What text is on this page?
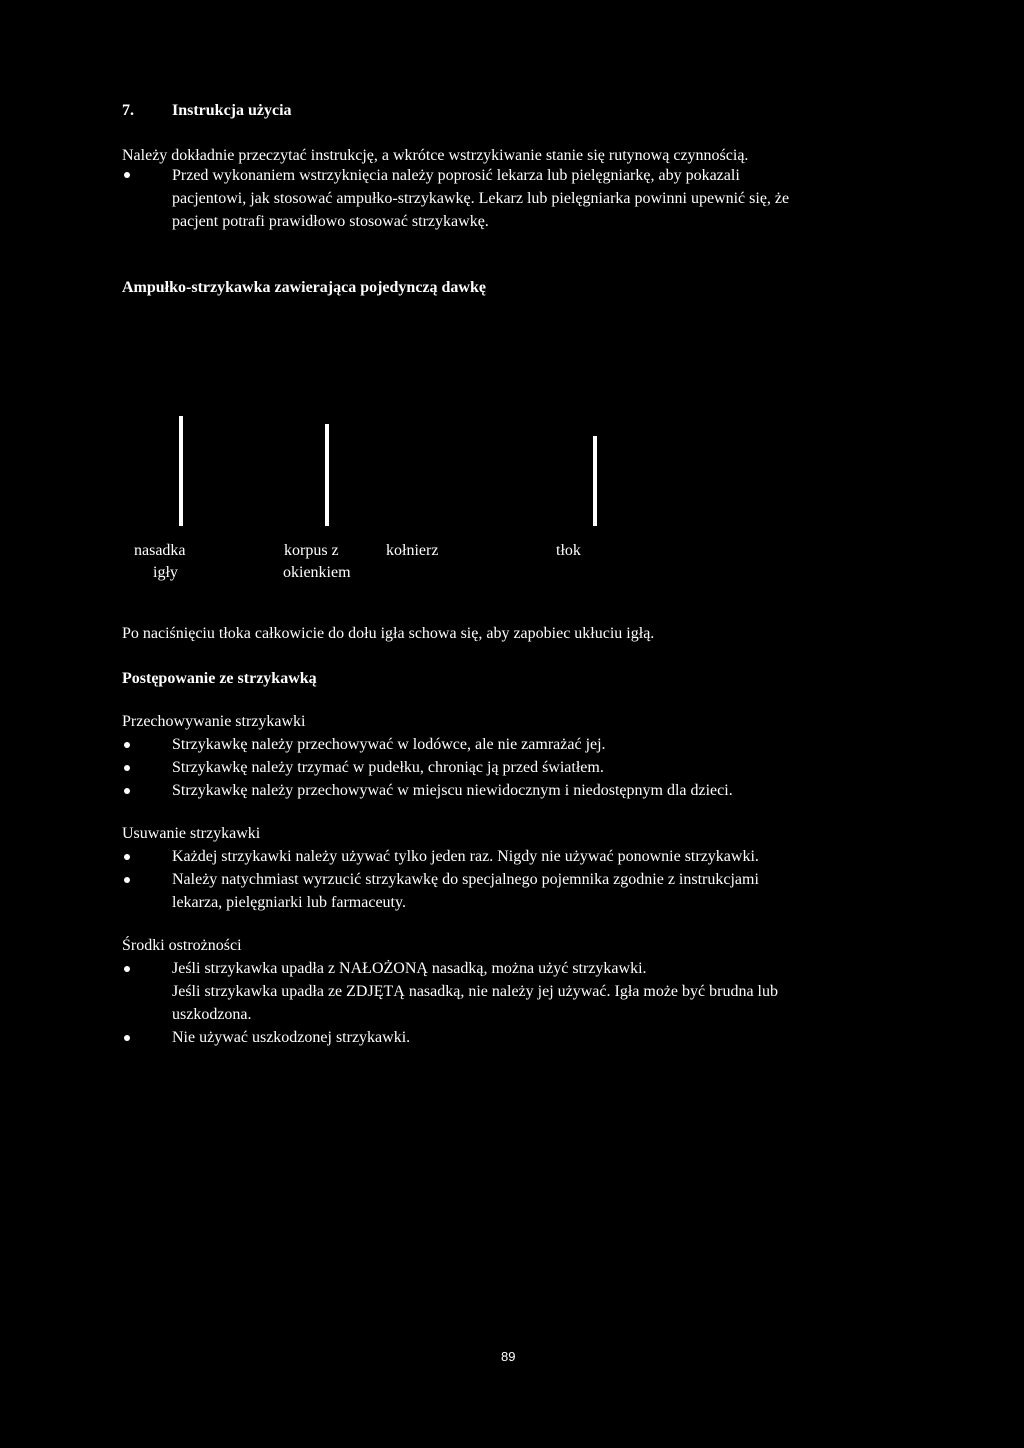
7. Instrukcja użycia
Należy dokładnie przeczytać instrukcję, a wkrótce wstrzykiwanie stanie się rutynową czynnością.
Przed wykonaniem wstrzyknięcia należy poprosić lekarza lub pielęgniarkę, aby pokazali
pacjentowi, jak stosować ampułko-strzykawkę. Lekarz lub pielęgniarka powinni upewnić się, że
pacjent potrafi prawidłowo stosować strzykawkę.
Ampułko-strzykawka zawierająca pojedynczą dawkę
nasadka
igły
korpus z
okienkiem
kołnierz	tłok
Po naciśnięciu tłoka całkowicie do dołu igła schowa się, aby zapobiec ukłuciu igłą.
Postępowanie ze strzykawką
Przechowywanie strzykawki
Strzykawkę należy przechowywać w lodówce, ale nie zamrażać jej.
Strzykawkę należy trzymać w pudełku, chroniąc ją przed światłem.
Strzykawkę należy przechowywać w miejscu niewidocznym i niedostępnym dla dzieci.
Usuwanie strzykawki
Każdej strzykawki należy używać tylko jeden raz. Nigdy nie używać ponownie strzykawki.
Należy natychmiast wyrzucić strzykawkę do specjalnego pojemnika zgodnie z instrukcjami
lekarza, pielęgniarki lub farmaceuty.
Środki ostrożności
Jeśli strzykawka upadła z NAŁOŻONĄ nasadką, można użyć strzykawki.
Jeśli strzykawka upadła ze ZDJĘTĄ nasadką, nie należy jej używać. Igła może być brudna lub
uszkodzona.
Nie używać uszkodzonej strzykawki.
89
